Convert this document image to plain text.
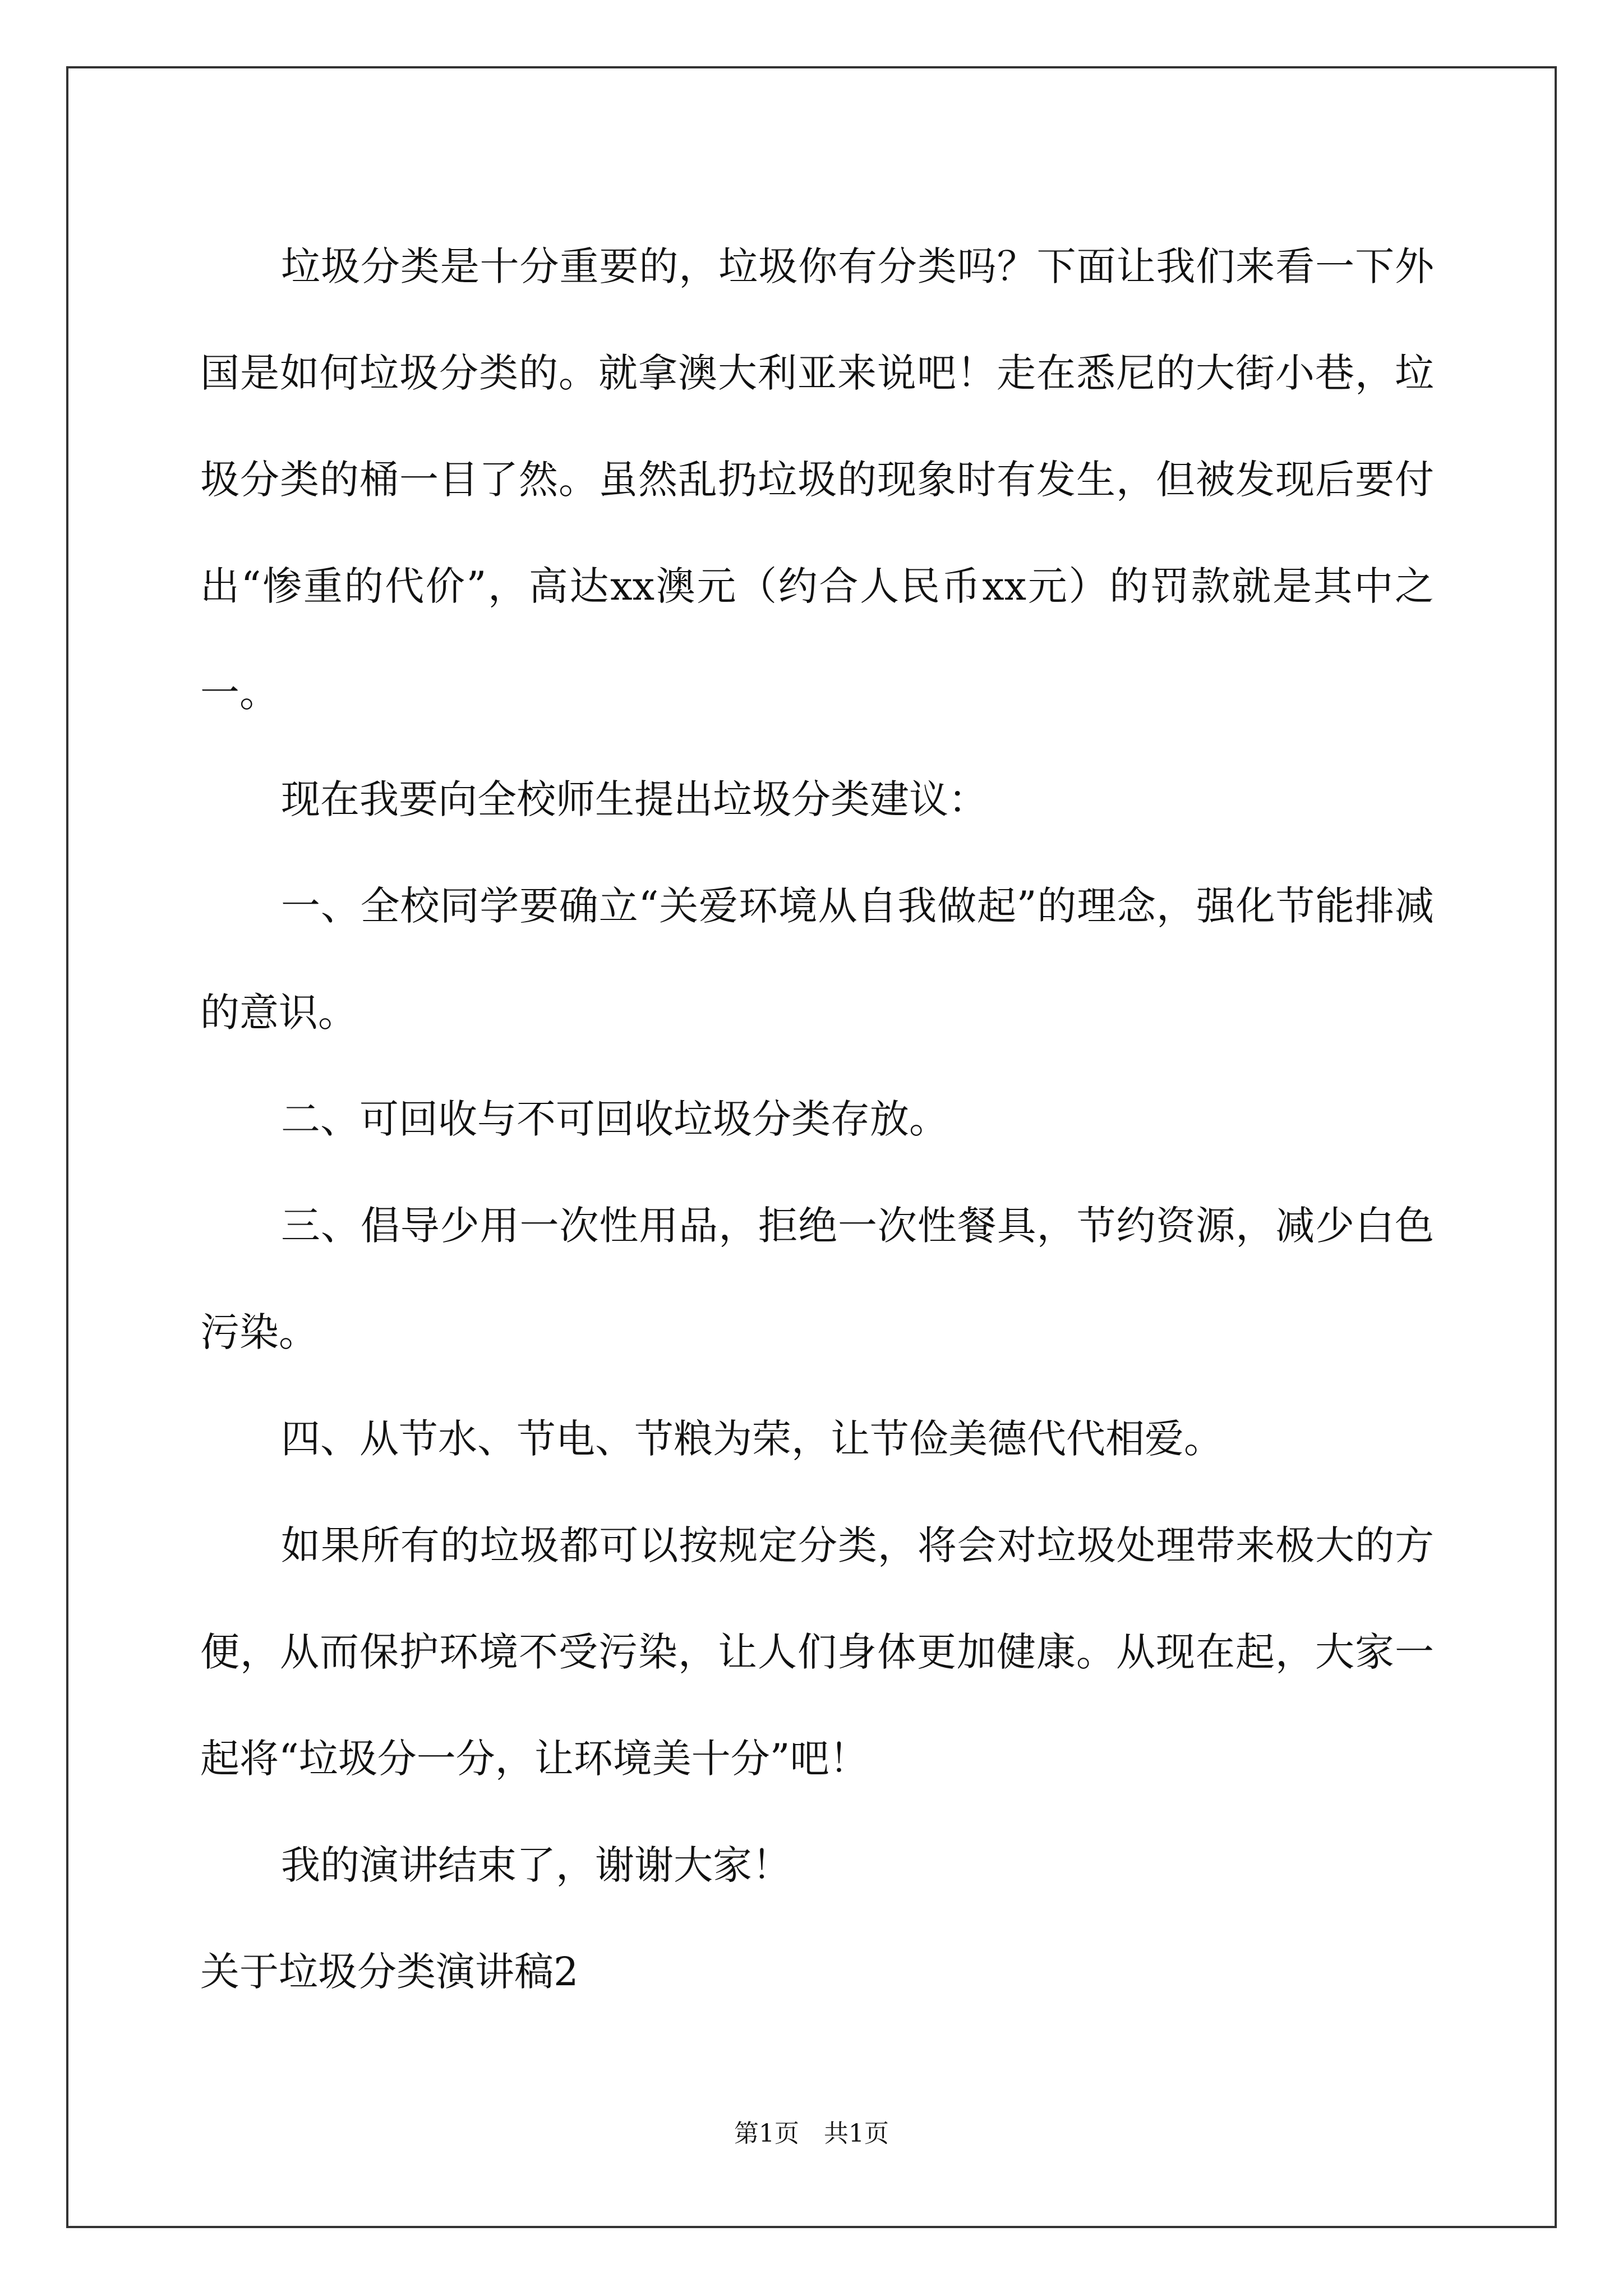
垃圾分类是十分重要的，垃圾你有分类吗？下面让我们来看一下外国是如何垃圾分类的。就拿澳大利亚来说吧！走在悉尼的大街小巷，垃圾分类的桶一目了然。虽然乱扔垃圾的现象时有发生，但被发现后要付出“惨重的代价”，高达xx澳元（约合人民币xx元）的罚款就是其中之一。

现在我要向全校师生提出垃圾分类建议：

一、全校同学要确立“关爱环境从自我做起”的理念，强化节能排减的意识。

二、可回收与不可回收垃圾分类存放。

三、倡导少用一次性用品，拒绝一次性餐具，节约资源，减少白色污染。

四、从节水、节电、节粮为荣，让节俭美德代代相爱。

如果所有的垃圾都可以按规定分类，将会对垃圾处理带来极大的方便，从而保护环境不受污染，让人们身体更加健康。从现在起，大家一起将“垃圾分一分，让环境美十分”吧！

我的演讲结束了，谢谢大家！

关于垃圾分类演讲稿2

第1页　共1页
